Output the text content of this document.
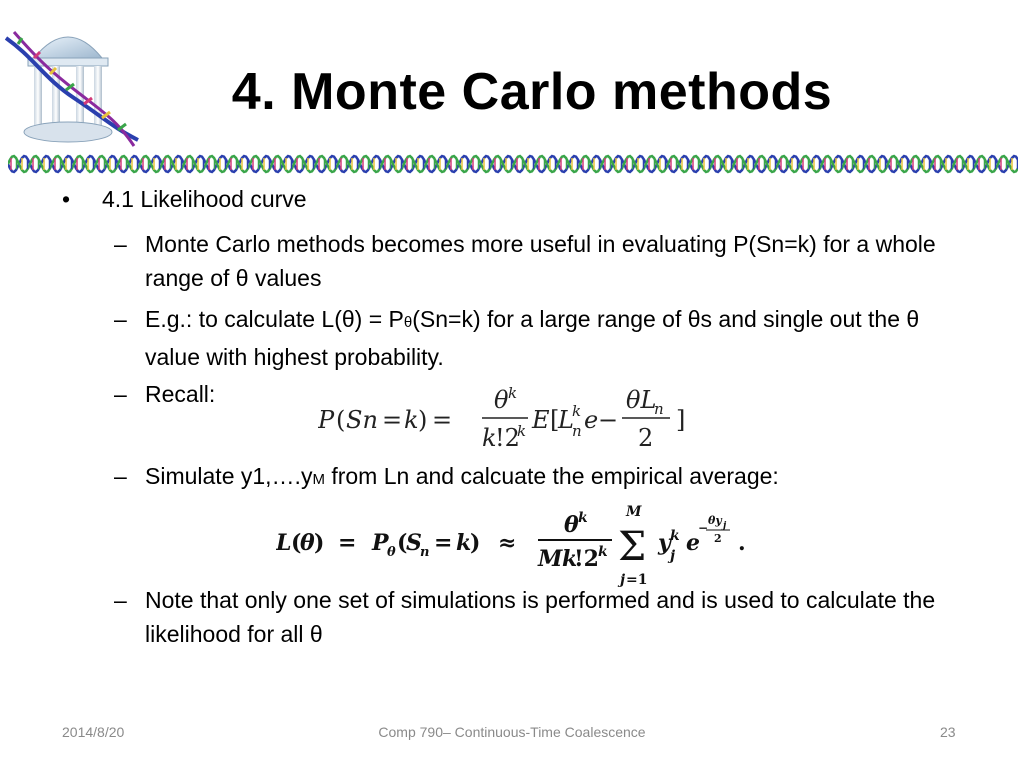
4. Monte Carlo methods
• 4.1 Likelihood curve
– Monte Carlo methods becomes more useful in evaluating P(Sn=k) for a whole range of θ values
– E.g.: to calculate L(θ) = Pθ(Sn=k) for a large range of θs and single out the θ value with highest probability.
– Recall:
P ( Sn = k ) =
θ k
k
!2
k E [
L
k
n e −
θL
n
2
]
– Simulate y1,….yM from Ln and calcuate the empirical average:
L (
θ ) = P
θ (
S
n = k
) ≈
θ k
M k
!2 k
M
Σ
j =1
y k
j e
−
θy j
2 .
– Note that only one set of simulations is performed and is used to calculate the likelihood for all θ
2014/8/20	Comp 790– Continuous-Time Coalescence	23
